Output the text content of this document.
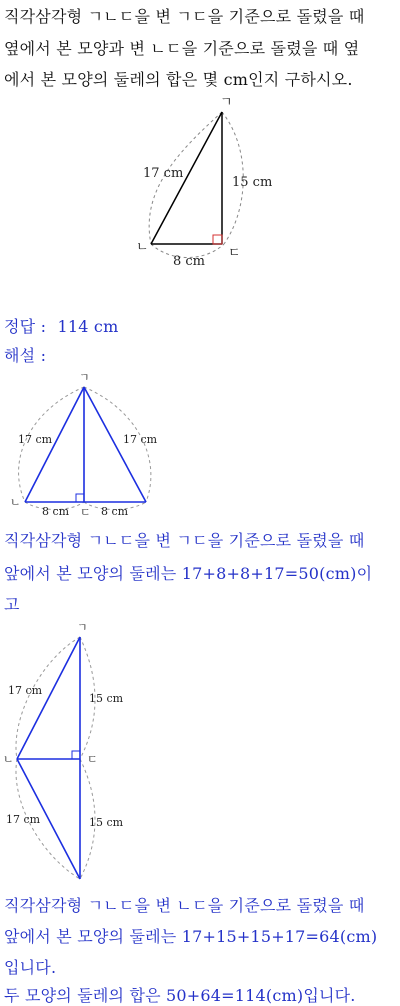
직각삼각형 ㄱㄴㄷ을 변 ㄱㄷ을 기준으로 돌렸을 때
옆에서 본 모양과 변 ㄴㄷ을 기준으로 돌렸을 때 옆
에서 본 모양의 둘레의 합은 몇 cm인지 구하시오.
ㄱ
ㄴ	ㄷ
17 cm
15 cm
8 cm
정답 : 114 cm
해설 :
ㄱ
ㄴ
ㄷ
17 cm	17 cm
8 cm	8 cm
직각삼각형 ㄱㄴㄷ을 변 ㄱㄷ을 기준으로 돌렸을 때
앞에서 본 모양의 둘레는 17+8+8+17=50(cm)이
고
ㄱ
ㄴ	ㄷ
17 cm
15 cm
17 cm	15 cm
직각삼각형 ㄱㄴㄷ을 변 ㄴㄷ을 기준으로 돌렸을 때
앞에서 본 모양의 둘레는 17+15+15+17=64(cm)
입니다.
두 모양의 둘레의 합은 50+64=114(cm)입니다.
